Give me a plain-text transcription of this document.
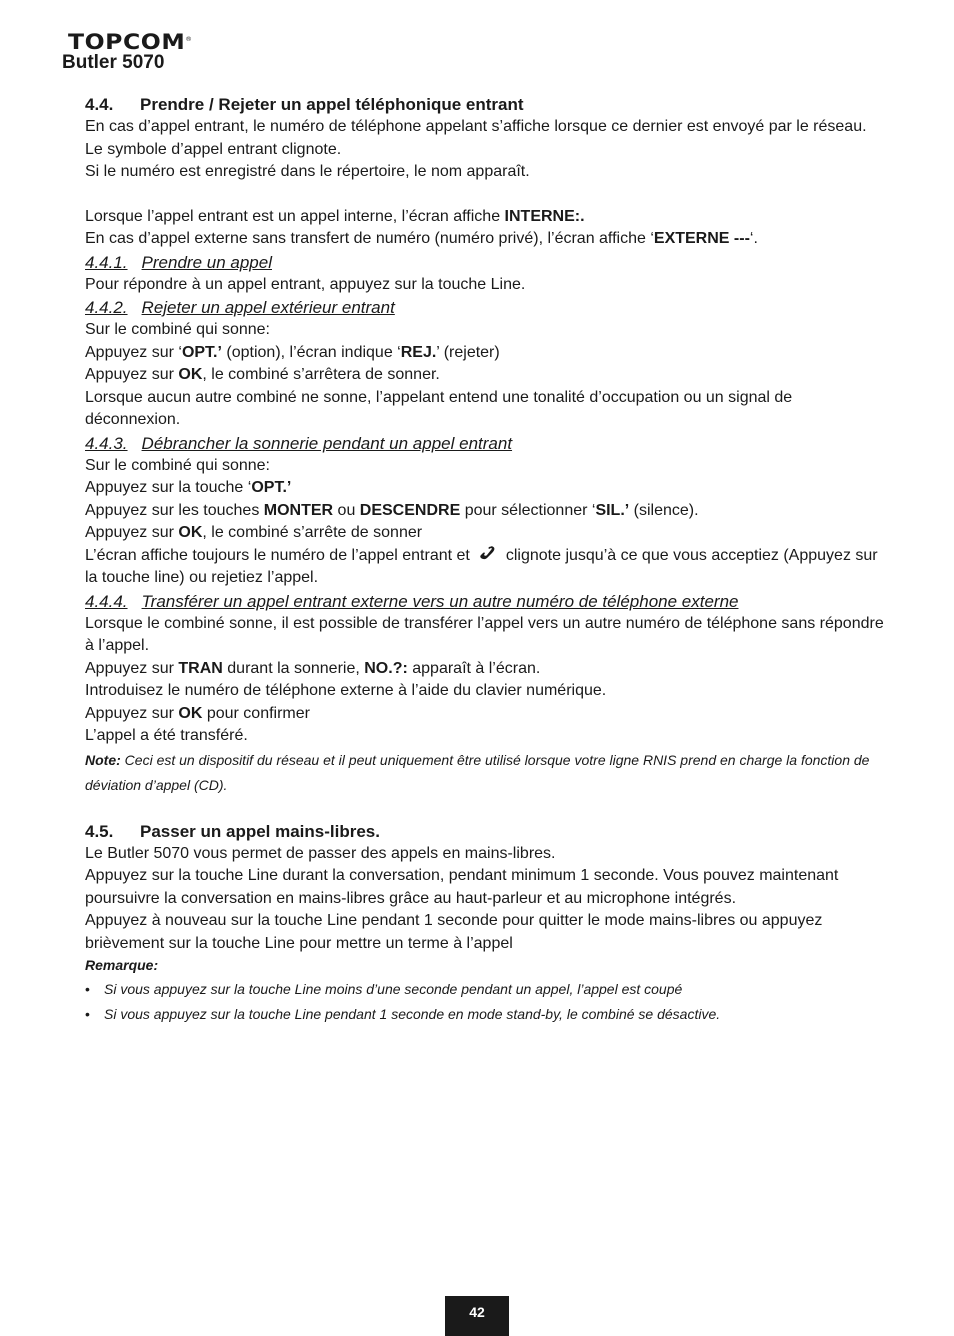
TOPCOM®
Butler 5070

4.4. Prendre / Rejeter un appel téléphonique entrant

En cas d’appel entrant, le numéro de téléphone appelant s’affiche lorsque ce dernier est envoyé par le réseau.

Le symbole d’appel entrant clignote.

Si le numéro est enregistré dans le répertoire, le nom apparaît.

Lorsque l’appel entrant est un appel interne, l’écran affiche INTERNE:.

En cas d’appel externe sans transfert de numéro (numéro privé), l’écran affiche ‘EXTERNE ---‘.

4.4.1. Prendre un appel

Pour répondre à un appel entrant, appuyez sur la touche Line.

4.4.2. Rejeter un appel extérieur entrant

Sur le combiné qui sonne:

Appuyez sur ‘OPT.’ (option), l’écran indique ‘REJ.’ (rejeter)

Appuyez sur OK, le combiné s’arrêtera de sonner.

Lorsque aucun autre combiné ne sonne, l’appelant entend une tonalité d’occupation ou un signal de déconnexion.

4.4.3. Débrancher la sonnerie pendant un appel entrant

Sur le combiné qui sonne:

Appuyez sur la touche ‘OPT.’

Appuyez sur les touches MONTER ou DESCENDRE pour sélectionner ‘SIL.’ (silence).

Appuyez sur OK, le combiné s’arrête de sonner

L’écran affiche toujours le numéro de l’appel entrant et clignote jusqu’à ce que vous acceptiez (Appuyez sur la touche line) ou rejetiez l’appel.

4.4.4. Transférer un appel entrant externe vers un autre numéro de téléphone externe

Lorsque le combiné sonne, il est possible de transférer l’appel vers un autre numéro de téléphone sans répondre à l’appel.

Appuyez sur TRAN durant la sonnerie, NO.?: apparaît à l’écran.

Introduisez le numéro de téléphone externe à l’aide du clavier numérique.

Appuyez sur OK pour confirmer

L’appel a été transféré.

Note: Ceci est un dispositif du réseau et il peut uniquement être utilisé lorsque votre ligne RNIS prend en charge la fonction de déviation d’appel (CD).

4.5. Passer un appel mains-libres.

Le Butler 5070 vous permet de passer des appels en mains-libres.

Appuyez sur la touche Line durant la conversation, pendant minimum 1 seconde. Vous pouvez maintenant poursuivre la conversation en mains-libres grâce au haut-parleur et au microphone intégrés.

Appuyez à nouveau sur la touche Line pendant 1 seconde pour quitter le mode mains-libres ou appuyez brièvement sur la touche Line pour mettre un terme à l’appel

Remarque:

• Si vous appuyez sur la touche Line moins d’une seconde pendant un appel, l’appel est coupé
• Si vous appuyez sur la touche Line pendant 1 seconde en mode stand-by, le combiné se désactive.
42
